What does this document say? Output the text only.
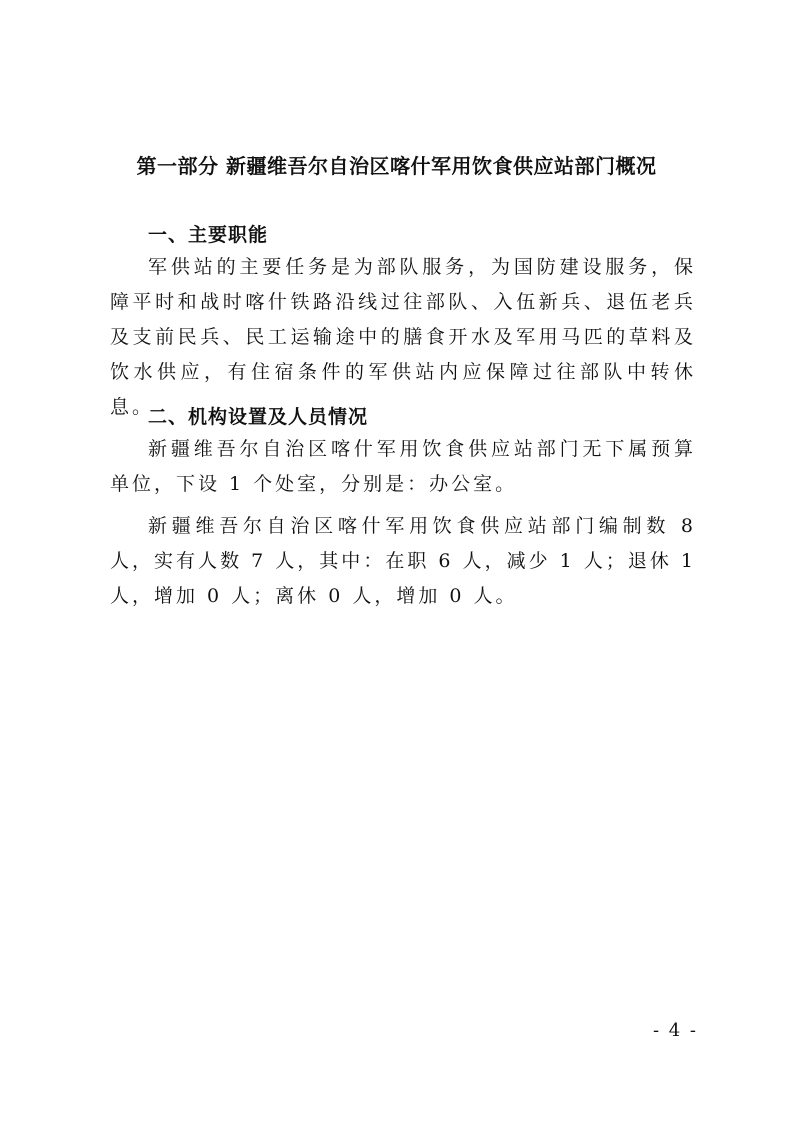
第一部分 新疆维吾尔自治区喀什军用饮食供应站部门概况
一、主要职能
军供站的主要任务是为部队服务，为国防建设服务，保障平时和战时喀什铁路沿线过往部队、入伍新兵、退伍老兵及支前民兵、民工运输途中的膳食开水及军用马匹的草料及饮水供应，有住宿条件的军供站内应保障过往部队中转休息。
二、机构设置及人员情况
新疆维吾尔自治区喀什军用饮食供应站部门无下属预算单位，下设 1 个处室，分别是：办公室。
新疆维吾尔自治区喀什军用饮食供应站部门编制数 8 人，实有人数 7 人，其中：在职 6 人，减少 1 人；退休 1 人，增加 0 人；离休 0 人，增加 0 人。
- 4 -
